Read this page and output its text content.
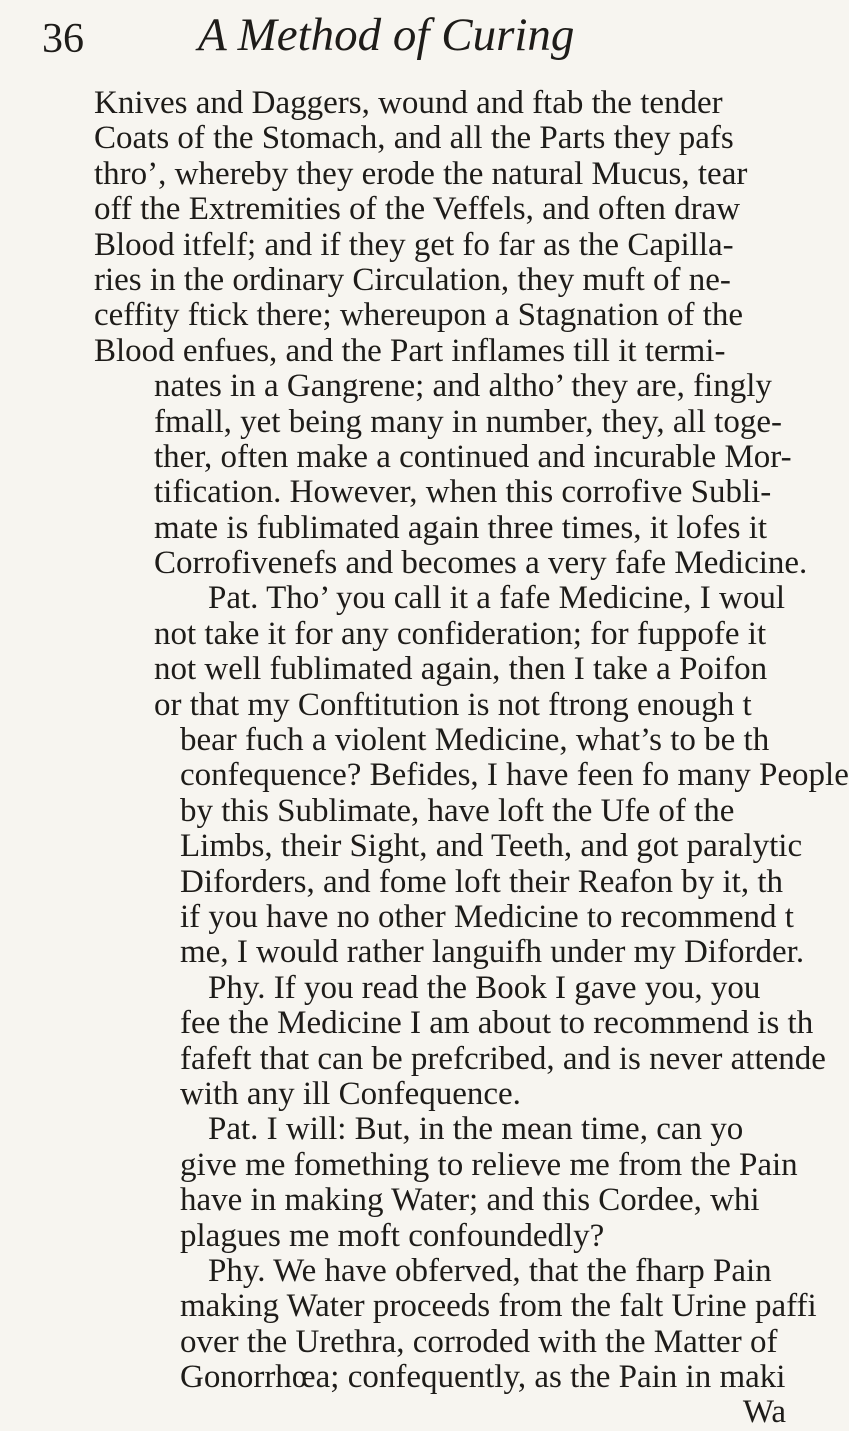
36 A Method of Curing
Knives and Daggers, wound and ftab the tender
Coats of the Stomach, and all the Parts they pafs
thro’, whereby they erode the natural Mucus, tear
off the Extremities of the Veffels, and often draw
Blood itfelf; and if they get fo far as the Capilla-
ries in the ordinary Circulation, they muft of ne-
ceffity ftick there; whereupon a Stagnation of the
Blood enfues, and the Part inflames till it termi-
nates in a Gangrene; and altho’ they are, fingly
fmall, yet being many in number, they, all toge-
ther, often make a continued and incurable Mor-
tification. However, when this corrofive Subli-
mate is fublimated again three times, it lofes it
Corrofivenefs and becomes a very fafe Medicine.
Pat. Tho’ you call it a fafe Medicine, I woul
not take it for any confideration; for fuppofe it
not well fublimated again, then I take a Poifon
or that my Conftitution is not ftrong enough t
bear fuch a violent Medicine, what’s to be th
confequence? Befides, I have feen fo many People
by this Sublimate, have loft the Ufe of the
Limbs, their Sight, and Teeth, and got paralytic
Diforders, and fome loft their Reafon by it, th
if you have no other Medicine to recommend t
me, I would rather languifh under my Diforder.
Phy. If you read the Book I gave you, you
fee the Medicine I am about to recommend is th
fafeft that can be prefcribed, and is never attende
with any ill Confequence.
Pat. I will: But, in the mean time, can yo
give me fomething to relieve me from the Pain
have in making Water; and this Cordee, whi
plagues me moft confoundedly?
Phy. We have obferved, that the fharp Pain
making Water proceeds from the falt Urine paffi
over the Urethra, corroded with the Matter of
Gonorrhœa; confequently, as the Pain in maki
Wa
